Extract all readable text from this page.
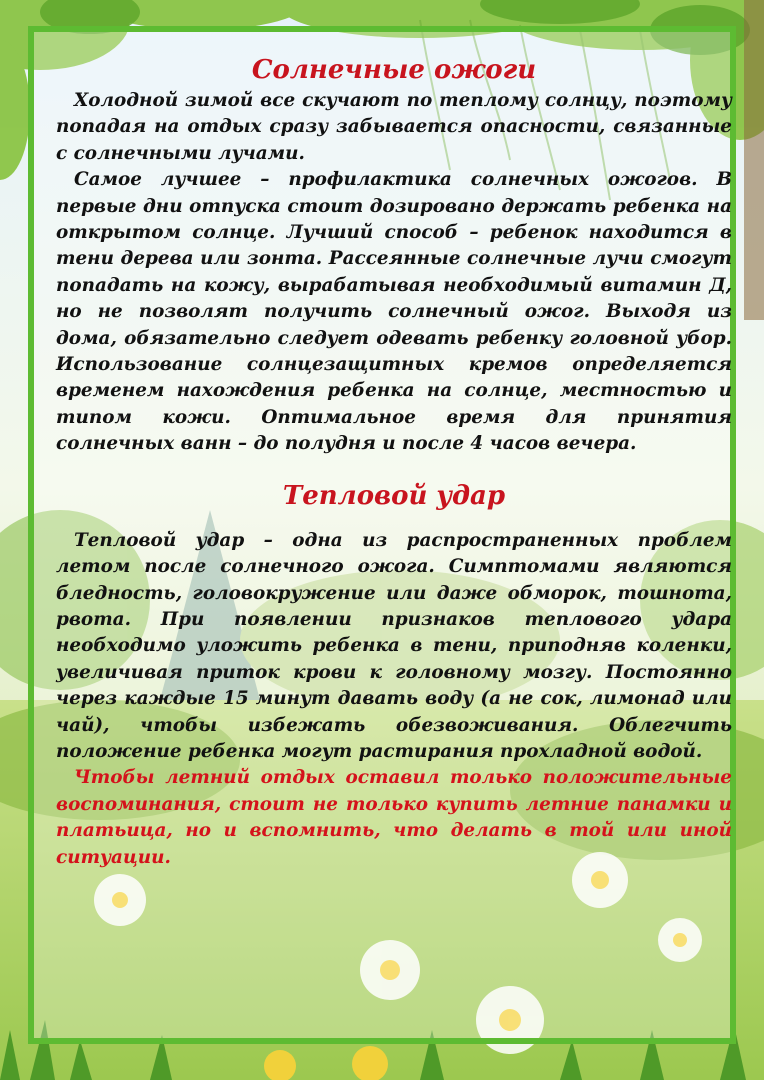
Солнечные ожоги

Холодной зимой все скучают по теплому солнцу, поэтому попадая на отдых сразу забывается опасности, связанные с солнечными лучами.

Самое лучшее – профилактика солнечных ожогов. В первые дни отпуска стоит дозировано держать ребенка на открытом солнце. Лучший способ – ребенок находится в тени дерева или зонта. Рассеянные солнечные лучи смогут попадать на кожу, вырабатывая необходимый витамин Д, но не позволят получить солнечный ожог. Выходя из дома, обязательно следует одевать ребенку головной убор. Использование солнцезащитных кремов определяется временем нахождения ребенка на солнце, местностью и типом кожи. Оптимальное время для принятия солнечных ванн – до полудня и после 4 часов вечера.

Тепловой удар

Тепловой удар – одна из распространенных проблем летом после солнечного ожога. Симптомами являются бледность, головокружение или даже обморок, тошнота, рвота. При появлении признаков теплового удара необходимо уложить ребенка в тени, приподняв коленки, увеличивая приток крови к головному мозгу. Постоянно через каждые 15 минут давать воду (а не сок, лимонад или чай), чтобы избежать обезвоживания. Облегчить положение ребенка могут растирания прохладной водой.

Чтобы летний отдых оставил только положительные воспоминания, стоит не только купить летние панамки и платьица, но и вспомнить, что делать в той или иной ситуации.
